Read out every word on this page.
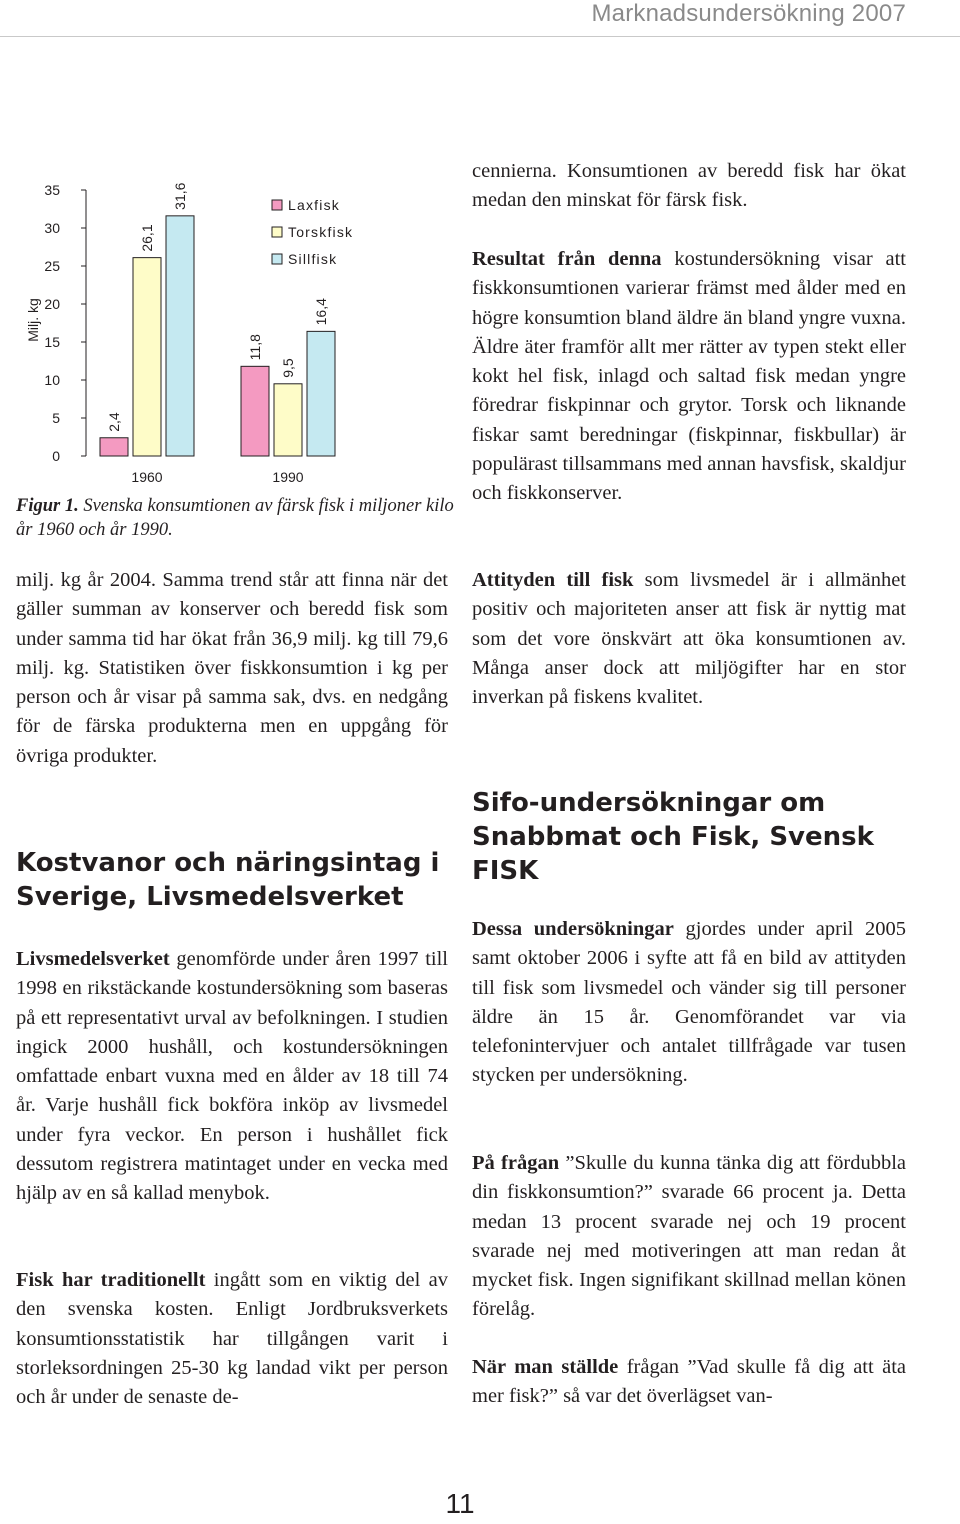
Marknadsundersökning 2007
Milj. kg
0
5
10
15
20
25
30
35
2,4
26,1
31,6
1960
11,8
9,5
16,4
1990
Laxfisk
Torskfisk
Sillfisk
Figur 1. Svenska konsumtionen av färsk fisk i miljoner kilo år 1960 och år 1990.

milj. kg år 2004. Samma trend står att finna när det gäller summan av konserver och beredd fisk som under samma tid har ökat från 36,9 milj. kg till 79,6 milj. kg. Statistiken över fiskkonsumtion i kg per person och år visar på samma sak, dvs. en nedgång för de färska produkterna men en uppgång för övriga produkter.

Kostvanor och näringsintag i Sverige, Livsmedelsverket

Livsmedelsverket genomförde under åren 1997 till 1998 en rikstäckande kostundersökning som baseras på ett representativt urval av befolkningen. I studien ingick 2000 hushåll, och kostundersökningen omfattade enbart vuxna med en ålder av 18 till 74 år. Varje hushåll fick bokföra inköp av livsmedel under fyra veckor. En person i hushållet fick dessutom registrera matintaget under en vecka med hjälp av en så kallad menybok.

Fisk har traditionellt ingått som en viktig del av den svenska kosten. Enligt Jordbruksverkets konsumtionsstatistik har tillgången varit i storleksordningen 25-30 kg landad vikt per person och år under de senaste de-

cennierna. Konsumtionen av beredd fisk har ökat medan den minskat för färsk fisk.

Resultat från denna kostundersökning visar att fiskkonsumtionen varierar främst med ålder med en högre konsumtion bland äldre än bland yngre vuxna. Äldre äter framför allt mer rätter av typen stekt eller kokt hel fisk, inlagd och saltad fisk medan yngre föredrar fiskpinnar och grytor. Torsk och liknande fiskar samt beredningar (fiskpinnar, fiskbullar) är populärast tillsammans med annan havsfisk, skaldjur och fiskkonserver.

Attityden till fisk som livsmedel är i allmänhet positiv och majoriteten anser att fisk är nyttig mat som det vore önskvärt att öka konsumtionen av. Många anser dock att miljögifter har en stor inverkan på fiskens kvalitet.

Sifo-undersökningar om Snabbmat och Fisk, Svensk FISK

Dessa undersökningar gjordes under april 2005 samt oktober 2006 i syfte att få en bild av attityden till fisk som livsmedel och vänder sig till personer äldre än 15 år. Genomförandet var via telefonintervjuer och antalet tillfrågade var tusen stycken per undersökning.

På frågan ”Skulle du kunna tänka dig att fördubbla din fiskkonsumtion?” svarade 66 procent ja. Detta medan 13 procent svarade nej och 19 procent svarade nej med motiveringen att man redan åt mycket fisk. Ingen signifikant skillnad mellan könen förelåg.

När man ställde frågan ”Vad skulle få dig att äta mer fisk?” så var det överlägset van-

11
